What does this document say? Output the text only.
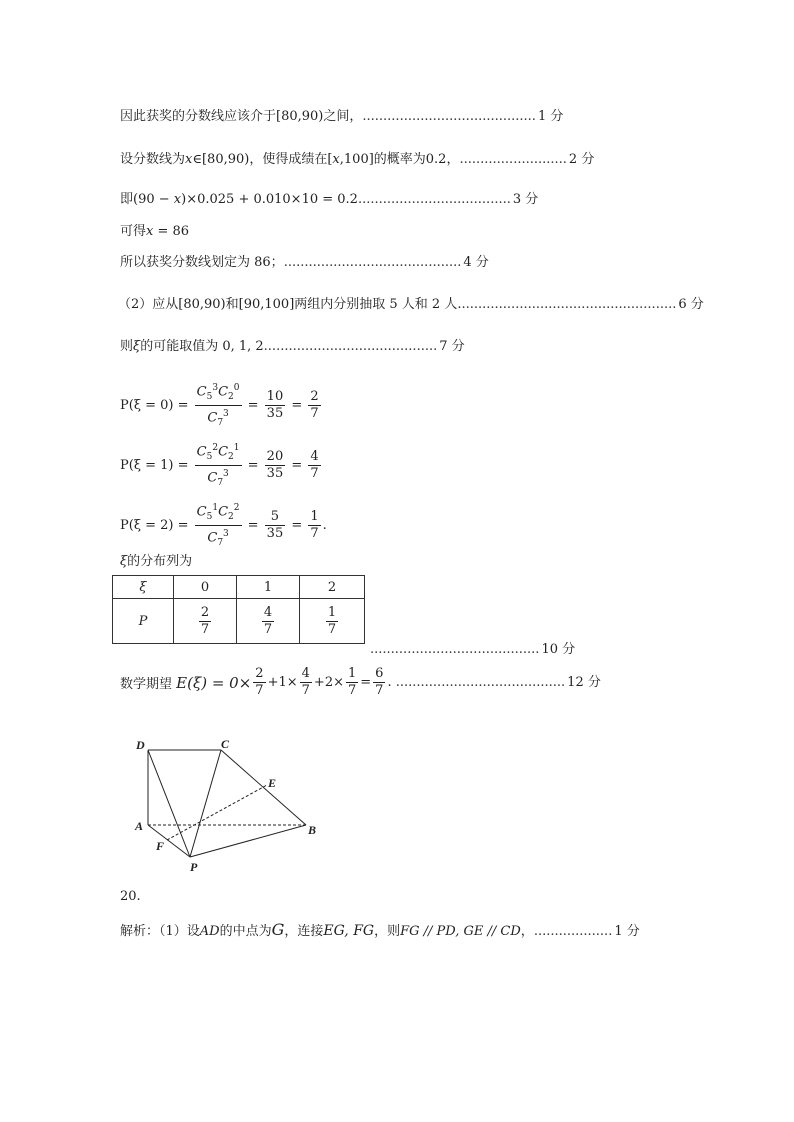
因此获奖的分数线应该介于[80,90)之间，.......................................... 1 分
设分数线为x∈[80,90)，使得成绩在[x,100]的概率为0.2，.......................... 2 分
即(90 − x)×0.025 + 0.010×10 = 0.2..................................... 3 分
可得x = 86
所以获奖分数线划定为 86；........................................... 4 分
（2）应从[80,90)和[90,100]两组内分别抽取 5 人和 2 人..................................................... 6 分
则ξ的可能取值为 0, 1, 2.......................................... 7 分
$P(\xi = 0) = \frac{C_5^3C_2^0}{C_7^3} = \frac{10}{35} = \frac{2}{7}$
$P(\xi = 1) = \frac{C_5^2C_2^1}{C_7^3} = \frac{20}{35} = \frac{4}{7}$
$P(\xi = 2) = \frac{C_5^1C_2^2}{C_7^3} = \frac{5}{35} = \frac{1}{7}$ .
ξ的分布列为
ξ	0	1	2
P	$\frac{2}{7}$	$\frac{4}{7}$	$\frac{1}{7}$
......................................... 10 分
数学期望 $E(\xi) = 0\times \frac{2}{7} +1\times \frac{4}{7} +2\times \frac{1}{7} = \frac{6}{7}$ . ......................................... 12 分
D	C
E
A	B
F
P
20.
解析：（1）设AD的中点为G，连接EG, FG，则FG // PD, GE // CD，................... 1 分
